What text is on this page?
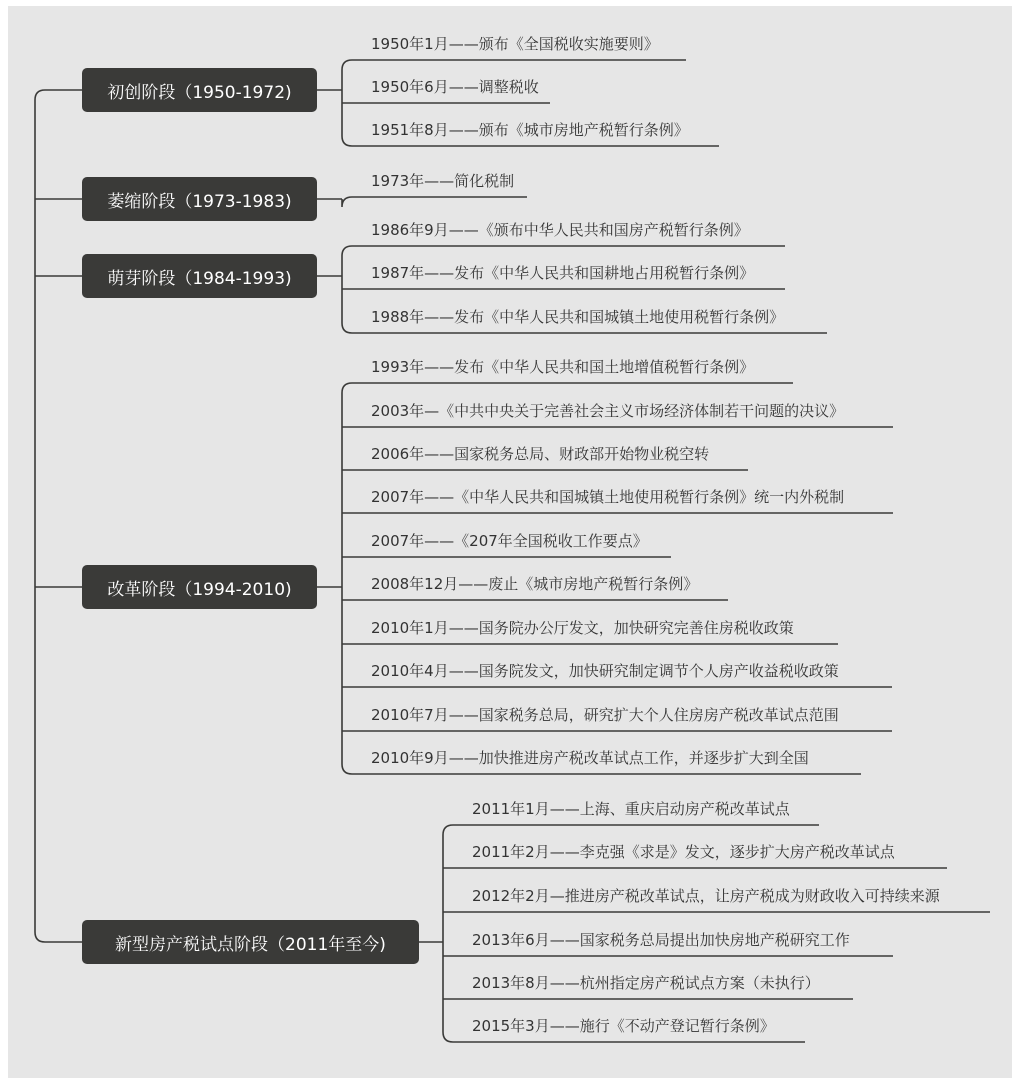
初创阶段（1950-1972)
1950年1月——颁布《全国税收实施要则》
1950年6月——调整税收
1951年8月——颁布《城市房地产税暂行条例》
萎缩阶段（1973-1983)
1973年——简化税制
萌芽阶段（1984-1993)
1986年9月——《颁布中华人民共和国房产税暂行条例》
1987年——发布《中华人民共和国耕地占用税暂行条例》
1988年——发布《中华人民共和国城镇土地使用税暂行条例》
改革阶段（1994-2010)
1993年——发布《中华人民共和国土地增值税暂行条例》
2003年—《中共中央关于完善社会主义市场经济体制若干问题的决议》
2006年——国家税务总局、财政部开始物业税空转
2007年——《中华人民共和国城镇土地使用税暂行条例》统一内外税制
2007年——《207年全国税收工作要点》
2008年12月——废止《城市房地产税暂行条例》
2010年1月——国务院办公厅发文，加快研究完善住房税收政策
2010年4月——国务院发文，加快研究制定调节个人房产收益税收政策
2010年7月——国家税务总局，研究扩大个人住房房产税改革试点范围
2010年9月——加快推进房产税改革试点工作，并逐步扩大到全国
新型房产税试点阶段（2011年至今)
2011年1月——上海、重庆启动房产税改革试点
2011年2月——李克强《求是》发文，逐步扩大房产税改革试点
2012年2月—推进房产税改革试点，让房产税成为财政收入可持续来源
2013年6月——国家税务总局提出加快房地产税研究工作
2013年8月——杭州指定房产税试点方案（未执行）
2015年3月——施行《不动产登记暂行条例》
